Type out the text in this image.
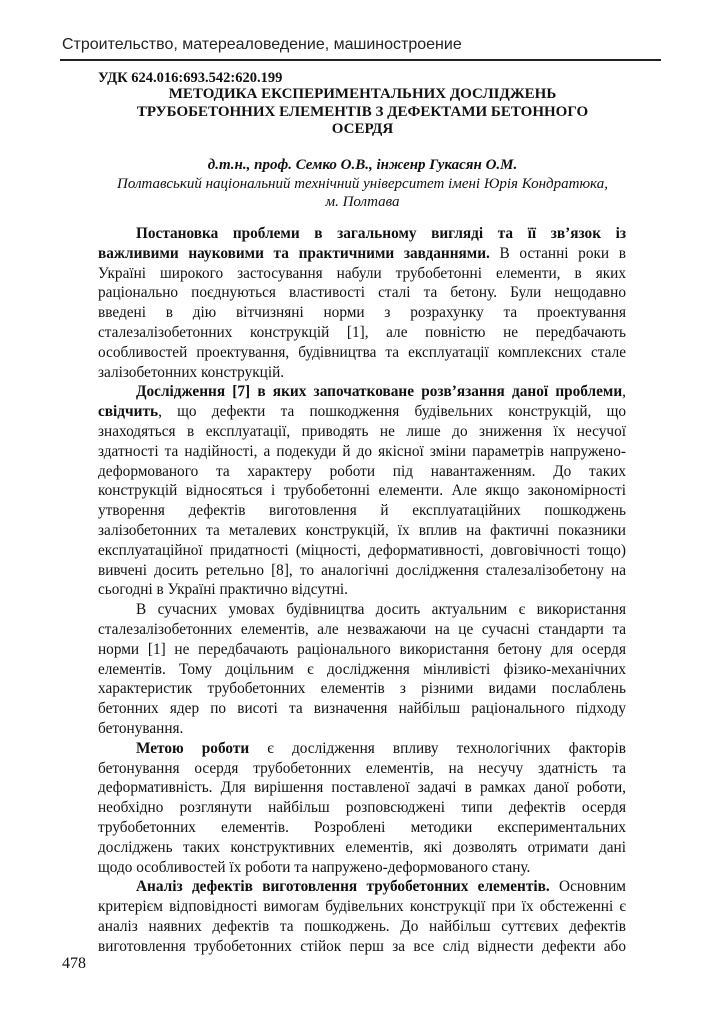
Строительство, матереаловедение, машиностроение
УДК 624.016:693.542:620.199
МЕТОДИКА ЕКСПЕРИМЕНТАЛЬНИХ ДОСЛІДЖЕНЬ
ТРУБОБЕТОННИХ ЕЛЕМЕНТІВ З ДЕФЕКТАМИ БЕТОННОГО
ОСЕРДЯ
д.т.н., проф. Семко О.В., інженр Гукасян О.М.
Полтавський національний технічний університет імені Юрія Кондратюка,
м. Полтава
Постановка проблеми в загальному вигляді та її зв’язок із
важливими науковими та практичними завданнями. В останні роки в
Україні широкого застосування набули трубобетонні елементи, в яких
раціонально поєднуються властивості сталі та бетону. Були нещодавно
введені в дію вітчизняні норми з розрахунку та проектування
сталезалізобетонних конструкцій [1], але повністю не передбачають
особливостей проектування, будівництва та експлуатації комплексних стале
залізобетонних конструкцій.
Дослідження [7] в яких започатковане розв’язання даної проблеми,
свідчить, що дефекти та пошкодження будівельних конструкцій, що
знаходяться в експлуатації, приводять не лише до зниження їх несучої
здатності та надійності, а подекуди й до якісної зміни параметрів напружено-
деформованого та характеру роботи під навантаженням. До таких
конструкцій відносяться і трубобетонні елементи. Але якщо закономірності
утворення дефектів виготовлення й експлуатаційних пошкоджень
залізобетонних та металевих конструкцій, їх вплив на фактичні показники
експлуатаційної придатності (міцності, деформативності, довговічності тощо)
вивчені досить ретельно [8], то аналогічні дослідження сталезалізобетону на
сьогодні в Україні практично відсутні.
В сучасних умовах будівництва досить актуальним є використання
сталезалізобетонних елементів, але незважаючи на це сучасні стандарти та
норми [1] не передбачають раціонального використання бетону для осердя
елементів. Тому доцільним є дослідження мінливісті фізико-механічних
характеристик трубобетонних елементів з різними видами послаблень
бетонних ядер по висоті та визначення найбільш раціонального підходу
бетонування.
Метою роботи є дослідження впливу технологічних факторів
бетонування осердя трубобетонних елементів, на несучу здатність та
деформативність. Для вирішення поставленої задачі в рамках даної роботи,
необхідно розглянути найбільш розповсюджені типи дефектів осердя
трубобетонних елементів. Розроблені методики експериментальних
досліджень таких конструктивних елементів, які дозволять отримати дані
щодо особливостей їх роботи та напружено-деформованого стану.
Аналіз дефектів виготовлення трубобетонних елементів. Основним
критерієм відповідності вимогам будівельних конструкції при їх обстеженні є
аналіз наявних дефектів та пошкоджень. До найбільш суттєвих дефектів
виготовлення трубобетонних стійок перш за все слід віднести дефекти або
478
